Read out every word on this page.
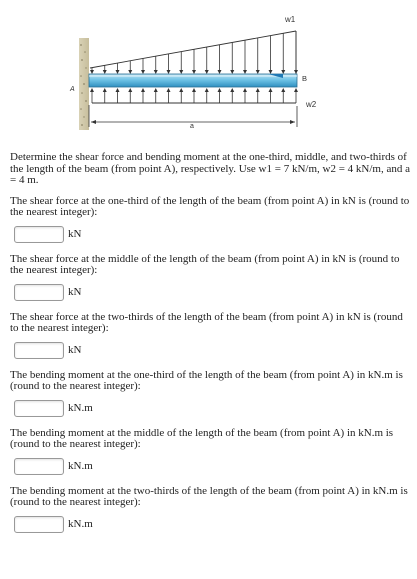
w1
B
w2
A
a

Determine the shear force and bending moment at the one-third, middle, and two-thirds of the length of the beam (from point A), respectively. Use w1 = 7 kN/m, w2 = 4 kN/m, and a = 4 m.

The shear force at the one-third of the length of the beam (from point A) in kN is (round to the nearest integer):

kN

The shear force at the middle of the length of the beam (from point A) in kN is (round to the nearest integer):

kN

The shear force at the two-thirds of the length of the beam (from point A) in kN is (round to the nearest integer):

kN

The bending moment at the one-third of the length of the beam (from point A) in kN.m is (round to the nearest integer):

kN.m

The bending moment at the middle of the length of the beam (from point A) in kN.m is (round to the nearest integer):

kN.m

The bending moment at the two-thirds of the length of the beam (from point A) in kN.m is (round to the nearest integer):

kN.m
